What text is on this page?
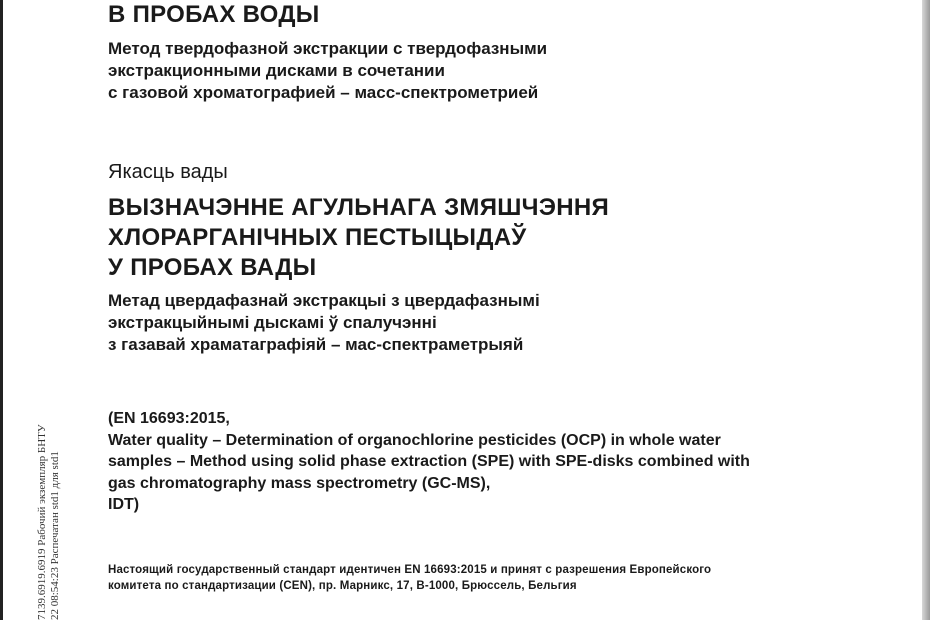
7139.6919.6919 Рабочий экземпляр БНТУ 22 08:54:23 Распечатан std1 для std1
В ПРОБАХ ВОДЫ
Метод твердофазной экстракции с твердофазными
экстракционными дисками в сочетании
с газовой хроматографией – масс-спектрометрией
Якасць вады
ВЫЗНАЧЭННЕ АГУЛЬНАГА ЗМЯШЧЭННЯ
ХЛОРАРГАНІЧНЫХ ПЕСТЫЦЫДАЎ
У ПРОБАХ ВАДЫ
Метад цвердафазнай экстракцыі з цвердафазнымі
экстракцыйнымі дыскамі ў спалучэнні
з газавай храматаграфіяй – мас-спектраметрыяй
(EN 16693:2015,
Water quality – Determination of organochlorine pesticides (OCP) in whole water
samples – Method using solid phase extraction (SPE) with SPE-disks combined with
gas chromatography mass spectrometry (GC-MS),
IDT)
Настоящий государственный стандарт идентичен EN 16693:2015 и принят с разрешения Европейского
комитета по стандартизации (CEN), пр. Марникс, 17, B-1000, Брюссель, Бельгия
